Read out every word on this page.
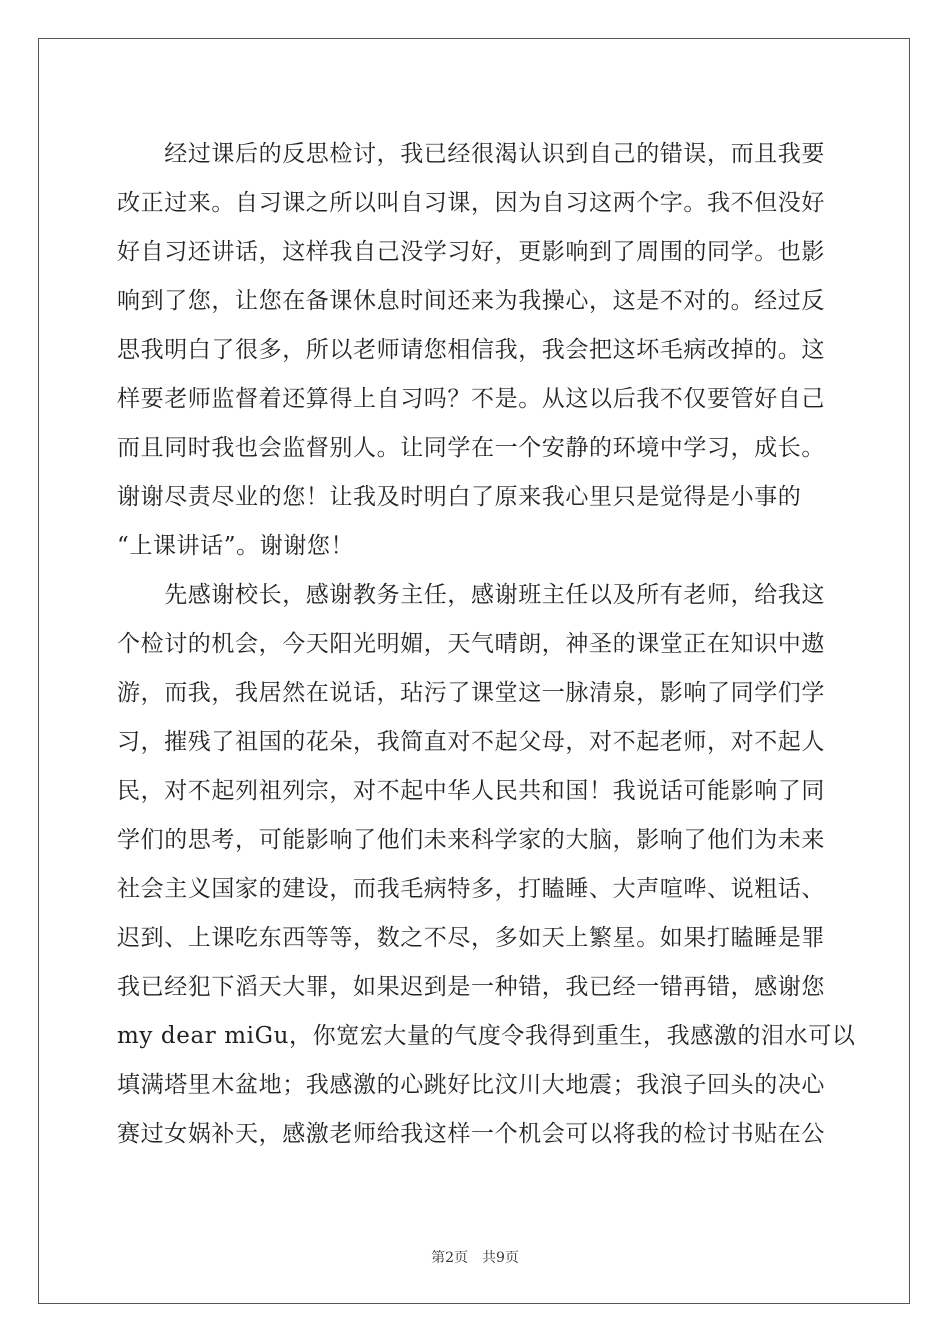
　　经过课后的反思检讨，我已经很渴认识到自己的错误，而且我要
改正过来。自习课之所以叫自习课，因为自习这两个字。我不但没好
好自习还讲话，这样我自己没学习好，更影响到了周围的同学。也影
响到了您，让您在备课休息时间还来为我操心，这是不对的。经过反
思我明白了很多，所以老师请您相信我，我会把这坏毛病改掉的。这
样要老师监督着还算得上自习吗？不是。从这以后我不仅要管好自己
而且同时我也会监督别人。让同学在一个安静的环境中学习，成长。
谢谢尽责尽业的您！让我及时明白了原来我心里只是觉得是小事的
“上课讲话”。谢谢您！
　　先感谢校长，感谢教务主任，感谢班主任以及所有老师，给我这
个检讨的机会，今天阳光明媚，天气晴朗，神圣的课堂正在知识中遨
游，而我，我居然在说话，玷污了课堂这一脉清泉，影响了同学们学
习，摧残了祖国的花朵，我简直对不起父母，对不起老师，对不起人
民，对不起列祖列宗，对不起中华人民共和国！我说话可能影响了同
学们的思考，可能影响了他们未来科学家的大脑，影响了他们为未来
社会主义国家的建设，而我毛病特多，打瞌睡、大声喧哗、说粗话、
迟到、上课吃东西等等，数之不尽，多如天上繁星。如果打瞌睡是罪
我已经犯下滔天大罪，如果迟到是一种错，我已经一错再错，感谢您
my dear miGu，你宽宏大量的气度令我得到重生，我感激的泪水可以
填满塔里木盆地；我感激的心跳好比汶川大地震；我浪子回头的决心
赛过女娲补天，感激老师给我这样一个机会可以将我的检讨书贴在公
第2页 共9页
